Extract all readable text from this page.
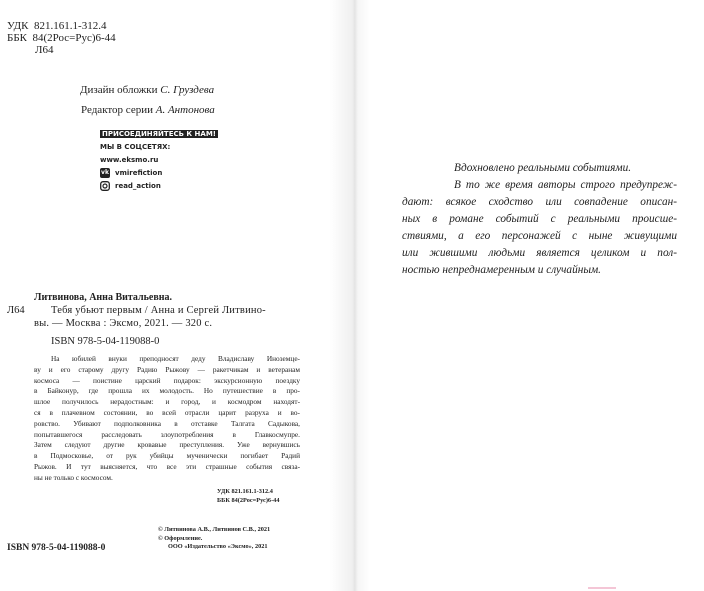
УДК 821.161.1-312.4
ББК 84(2Рос=Рус)6-44
Л64
Дизайн обложки С. Груздева
Редактор серии А. Антонова
ПРИСОЕДИНЯЙТЕСЬ К НАМ!
МЫ В СОЦСЕТЯХ:
www.eksmo.ru
vk vmirefiction
read_action
Литвинова, Анна Витальевна.
Л64	Тебя убьют первым / Анна и Сергей Литвино-
вы. — Москва : Эксмо, 2021. — 320 с.
ISBN 978-5-04-119088-0
На юбилей внуки преподносят деду Владиславу Иноземце-
ву и его старому другу Радию Рыжову — ракетчикам и ветеранам
космоса — поистине царский подарок: экскурсионную поездку
в Байконур, где прошла их молодость. Но путешествие в про-
шлое получилось нерадостным: и город, и космодром находят-
ся в плачевном состоянии, во всей отрасли царит разруха и во-
ровство. Убивают подполковника в отставке Талгата Садыкова,
попытавшегося расследовать злоупотребления в Главкосмупре.
Затем следуют другие кровавые преступления. Уже вернувшись
в Подмосковье, от рук убийцы мученически погибает Радий
Рыжов. И тут выясняется, что все эти страшные события связа-
ны не только с космосом.
УДК 821.161.1-312.4
ББК 84(2Рос=Рус)6-44
ISBN 978-5-04-119088-0
© Литвинова А.В., Литвинов С.В., 2021
© Оформление.
ООО «Издательство «Эксмо», 2021
Вдохновлено реальными событиями.
В то же время авторы строго предупреж-
дают: всякое сходство или совпадение описан-
ных в романе событий с реальными происше-
ствиями, а его персонажей с ныне живущими
или жившими людьми является целиком и пол-
ностью непреднамеренным и случайным.
